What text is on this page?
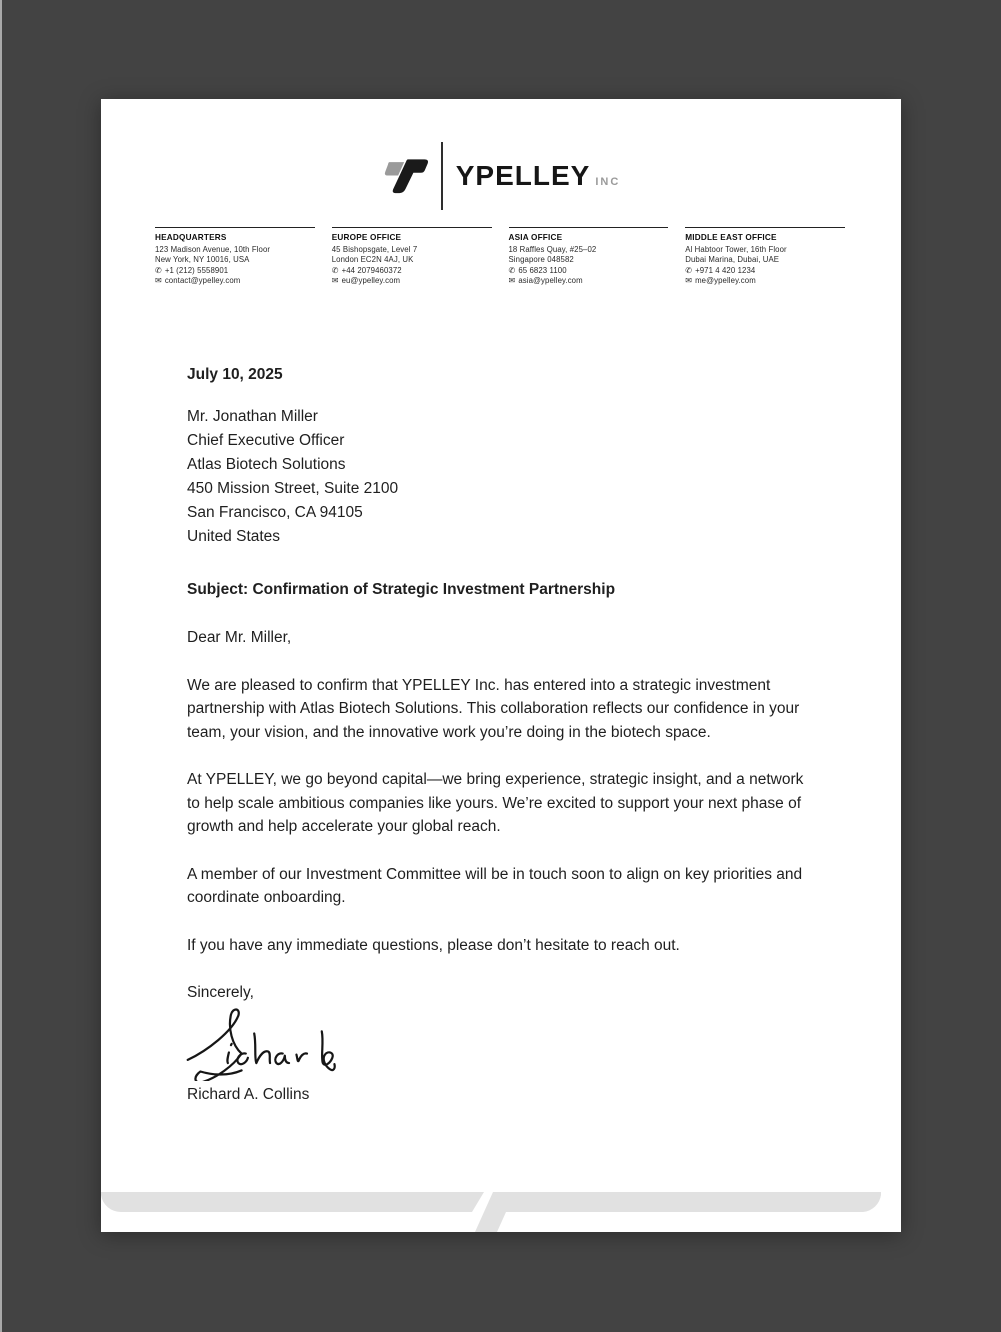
YPELLEY INC
HEADQUARTERS
123 Madison Avenue, 10th Floor
New York, NY 10016, USA
✆ +1 (212) 5558901
✉ contact@ypelley.com
EUROPE OFFICE
45 Bishopsgate, Level 7
London EC2N 4AJ, UK
✆ +44 2079460372
✉ eu@ypelley.com
ASIA OFFICE
18 Raffles Quay, #25–02
Singapore 048582
✆ 65 6823 1100
✉ asia@ypelley.com
MIDDLE EAST OFFICE
Al Habtoor Tower, 16th Floor
Dubai Marina, Dubai, UAE
✆ +971 4 420 1234
✉ me@ypelley.com
July 10, 2025
Mr. Jonathan Miller
Chief Executive Officer
Atlas Biotech Solutions
450 Mission Street, Suite 2100
San Francisco, CA 94105
United States
Subject: Confirmation of Strategic Investment Partnership
Dear Mr. Miller,

We are pleased to confirm that YPELLEY Inc. has entered into a strategic investment partnership with Atlas Biotech Solutions. This collaboration reflects our confidence in your team, your vision, and the innovative work you’re doing in the biotech space.

At YPELLEY, we go beyond capital—we bring experience, strategic insight, and a network to help scale ambitious companies like yours. We’re excited to support your next phase of growth and help accelerate your global reach.

A member of our Investment Committee will be in touch soon to align on key priorities and coordinate onboarding.

If you have any immediate questions, please don’t hesitate to reach out.

Sincerely,
Richard A. Collins
